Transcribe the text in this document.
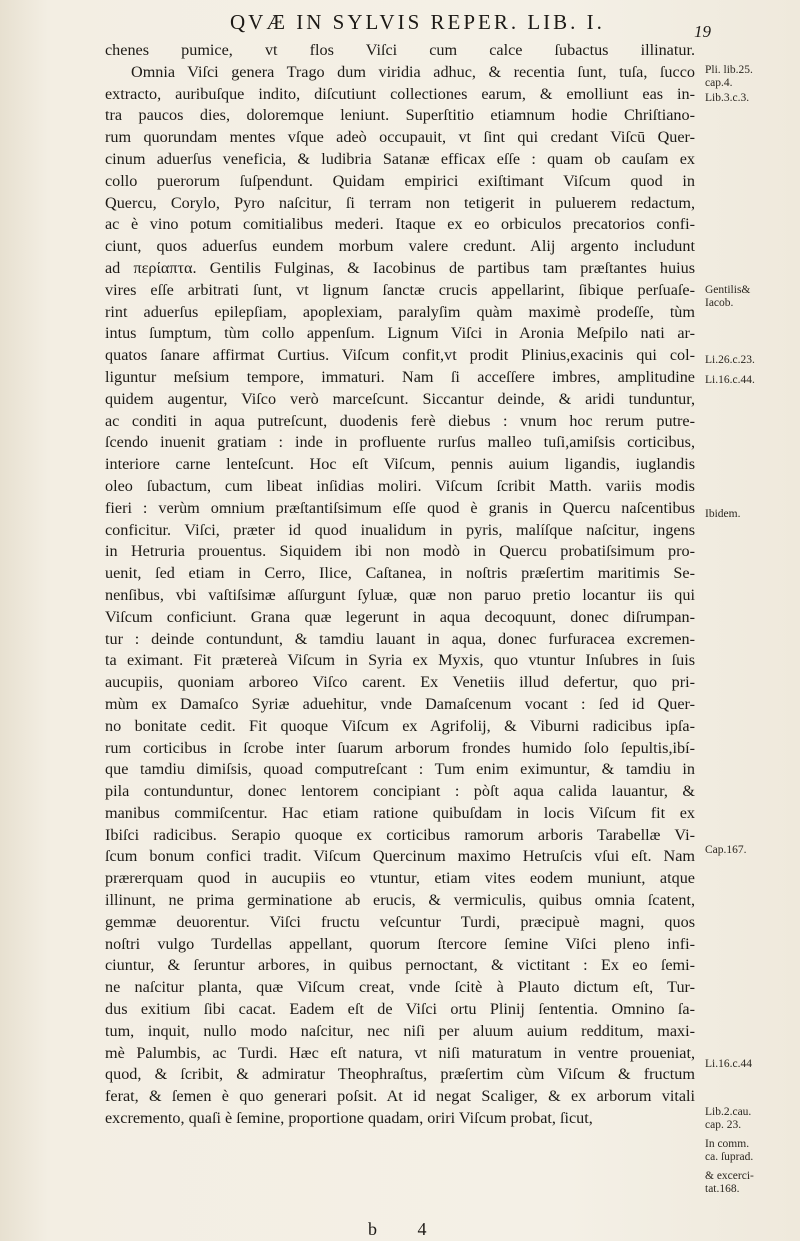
QVÆ IN SYLVIS REPER. LIB. I.	19
chenes pumice, vt flos Viſci cum calce ſubactus illinatur.
Omnia Viſci genera Trago dum viridia adhuc, & recentia ſunt, tuſa, ſucco
extracto, auribuſque indito, diſcutiunt collectiones earum, & emolliunt eas in-
tra paucos dies, doloremque leniunt. Superſtitio etiamnum hodie Chriſtiano-
rum quorundam mentes vſque adeò occupauit, vt ſint qui credant Viſcū Quer-
cinum aduerſus veneficia, & ludibria Satanæ efficax eſſe : quam ob cauſam ex
collo puerorum ſuſpendunt. Quidam empirici exiſtimant Viſcum quod in
Quercu, Corylo, Pyro naſcitur, ſi terram non tetigerit in puluerem redactum,
ac è vino potum comitialibus mederi. Itaque ex eo orbiculos precatorios confi-
ciunt, quos aduerſus eundem morbum valere credunt. Alij argento includunt
ad περίαπτα. Gentilis Fulginas, & Iacobinus de partibus tam præſtantes huius
vires eſſe arbitrati ſunt, vt lignum ſanctæ crucis appellarint, ſibique perſuaſe-
rint aduerſus epilepſiam, apoplexiam, paralyſim quàm maximè prodeſſe, tùm
intus ſumptum, tùm collo appenſum. Lignum Viſci in Aronia Meſpilo nati ar-
quatos ſanare affirmat Curtius. Viſcum confit,vt prodit Plinius,exacinis qui col-
liguntur meſsium tempore, immaturi. Nam ſi acceſſere imbres, amplitudine
quidem augentur, Viſco verò marceſcunt. Siccantur deinde, & aridi tunduntur,
ac conditi in aqua putreſcunt, duodenis ferè diebus : vnum hoc rerum putre-
ſcendo inuenit gratiam : inde in profluente rurſus malleo tuſi,amiſsis corticibus,
interiore carne lenteſcunt. Hoc eſt Viſcum, pennis auium ligandis, iuglandis
oleo ſubactum, cum libeat inſidias moliri. Viſcum ſcribit Matth. variis modis
fieri : verùm omnium præſtantiſsimum eſſe quod è granis in Quercu naſcentibus
conficitur. Viſci, præter id quod inualidum in pyris, malíſque naſcitur, ingens
in Hetruria prouentus. Siquidem ibi non modò in Quercu probatiſsimum pro-
uenit, ſed etiam in Cerro, Ilice, Caſtanea, in noſtris præſertim maritimis Se-
nenſibus, vbi vaſtiſsimæ aſſurgunt ſyluæ, quæ non paruo pretio locantur iis qui
Viſcum conficiunt. Grana quæ legerunt in aqua decoquunt, donec diſrumpan-
tur : deinde contundunt, & tamdiu lauant in aqua, donec furfuracea excremen-
ta eximant. Fit prætereà Viſcum in Syria ex Myxis, quo vtuntur Inſubres in ſuis
aucupiis, quoniam arboreo Viſco carent. Ex Venetiis illud defertur, quo pri-
mùm ex Damaſco Syriæ aduehitur, vnde Damaſcenum vocant : ſed id Quer-
no bonitate cedit. Fit quoque Viſcum ex Agrifolij, & Viburni radicibus ipſa-
rum corticibus in ſcrobe inter ſuarum arborum frondes humido ſolo ſepultis,ibí-
que tamdiu dimiſsis, quoad computreſcant : Tum enim eximuntur, & tamdiu in
pila contunduntur, donec lentorem concipiant : pòſt aqua calida lauantur, &
manibus commiſcentur. Hac etiam ratione quibuſdam in locis Viſcum fit ex
Ibiſci radicibus. Serapio quoque ex corticibus ramorum arboris Tarabellæ Vi-
ſcum bonum confici tradit. Viſcum Quercinum maximo Hetruſcis vſui eſt. Nam
prærerquam quod in aucupiis eo vtuntur, etiam vites eodem muniunt, atque
illinunt, ne prima germinatione ab erucis, & vermiculis, quibus omnia ſcatent,
gemmæ deuorentur. Viſci fructu veſcuntur Turdi, præcipuè magni, quos
noſtri vulgo Turdellas appellant, quorum ſtercore ſemine Viſci pleno infi-
ciuntur, & ſeruntur arbores, in quibus pernoctant, & victitant : Ex eo ſemi-
ne naſcitur planta, quæ Viſcum creat, vnde ſcitè à Plauto dictum eſt, Tur-
dus exitium ſibi cacat. Eadem eſt de Viſci ortu Plinij ſententia. Omnino ſa-
tum, inquit, nullo modo naſcitur, nec niſi per aluum auium redditum, maxi-
mè Palumbis, ac Turdi. Hæc eſt natura, vt niſi maturatum in ventre proueniat,
quod, & ſcribit, & admiratur Theophraſtus, præſertim cùm Viſcum & fructum
ferat, & ſemen è quo generari poſsit. At id negat Scaliger, & ex arborum vitali
excremento, quaſi è ſemine, proportione quadam, oriri Viſcum probat, ſicut,
Pli. lib.25.
cap.4.
Lib.3.c.3.
Gentilis&
Iacob.
Li.26.c.23.
Li.16.c.44.
Ibidem.
Cap.167.
Li.16.c.44
Lib.2.cau.
cap. 23.
In comm.
ca. ſuprad.
& excerci-
tat.168.
b 4
